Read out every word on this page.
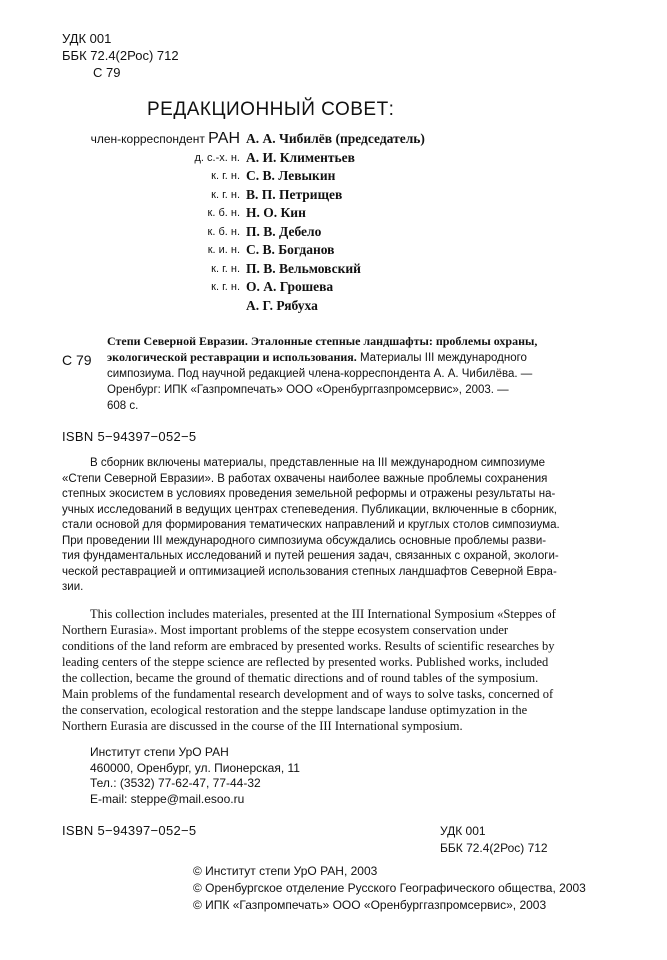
УДК 001
ББК 72.4(2Рос) 712
С 79
РЕДАКЦИОННЫЙ СОВЕТ:
член-корреспондент РАН А. А. Чибилёв (председатель)
д. с.-х. н. А. И. Климентьев
к. г. н. С. В. Левыкин
к. г. н. В. П. Петрищев
к. б. н. Н. О. Кин
к. б. н. П. В. Дебело
к. и. н. С. В. Богданов
к. г. н. П. В. Вельмовский
к. г. н. О. А. Грошева
А. Г. Рябуха
С 79
Степи Северной Евразии. Эталонные степные ландшафты: проблемы охраны,
экологической реставрации и использования. Материалы III международного
симпозиума. Под научной редакцией члена-корреспондента А. А. Чибилёва. —
Оренбург: ИПК «Газпромпечать» ООО «Оренбурггазпромсервис», 2003. —
608 с.
ISBN 5−94397−052−5
В сборник включены материалы, представленные на III международном симпозиуме
«Степи Северной Евразии». В работах охвачены наиболее важные проблемы сохранения
степных экосистем в условиях проведения земельной реформы и отражены результаты на-
учных исследований в ведущих центрах степеведения. Публикации, включенные в сборник,
стали основой для формирования тематических направлений и круглых столов симпозиума.
При проведении III международного симпозиума обсуждались основные проблемы разви-
тия фундаментальных исследований и путей решения задач, связанных с охраной, экологи-
ческой реставрацией и оптимизацией использования степных ландшафтов Северной Евра-
зии.
This collection includes materiales, presented at the III International Symposium «Steppes of
Northern Eurasia». Most important problems of the steppe ecosystem conservation under
conditions of the land reform are embraced by presented works. Results of scientific researches by
leading centers of the steppe science are reflected by presented works. Published works, included
the collection, became the ground of thematic directions and of round tables of the symposium.
Main problems of the fundamental research development and of ways to solve tasks, concerned of
the conservation, ecological restoration and the steppe landscape landuse optimyzation in the
Northern Eurasia are discussed in the course of the III International symposium.
Институт степи УрО РАН
460000, Оренбург, ул. Пионерская, 11
Тел.: (3532) 77-62-47, 77-44-32
E-mail: steppe@mail.esoo.ru
ISBN 5−94397−052−5	УДК 001
ББК 72.4(2Рос) 712
© Институт степи УрО РАН, 2003
© Оренбургское отделение Русского Географического общества, 2003
© ИПК «Газпромпечать» ООО «Оренбурггазпромсервис», 2003
